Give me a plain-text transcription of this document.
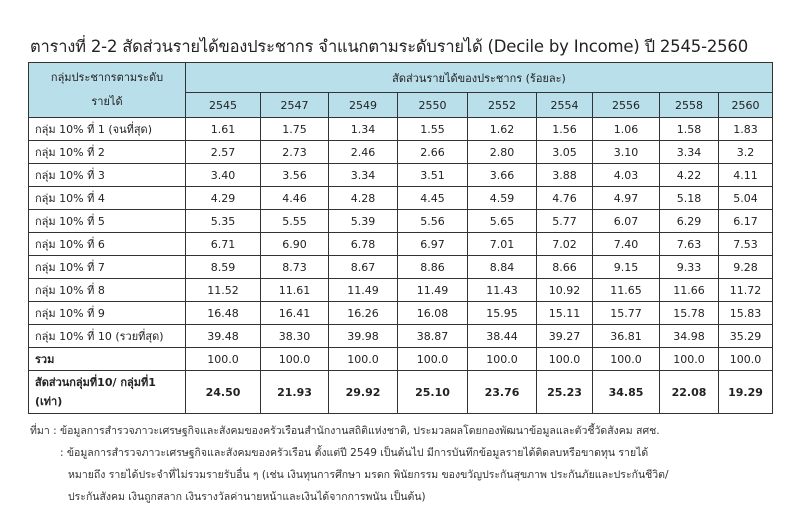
ตารางที่ 2-2 สัดส่วนรายได้ของประชากร จำแนกตามระดับรายได้ (Decile by Income) ปี 2545-2560
กลุ่มประชากรตามระดับรายได้	สัดส่วนรายได้ของประชากร (ร้อยละ)								
	2545	2547	2549	2550	2552	2554	2556	2558	2560
กลุ่ม 10% ที่ 1 (จนที่สุด)	1.61	1.75	1.34	1.55	1.62	1.56	1.06	1.58	1.83
กลุ่ม 10% ที่ 2	2.57	2.73	2.46	2.66	2.80	3.05	3.10	3.34	3.2
กลุ่ม 10% ที่ 3	3.40	3.56	3.34	3.51	3.66	3.88	4.03	4.22	4.11
กลุ่ม 10% ที่ 4	4.29	4.46	4.28	4.45	4.59	4.76	4.97	5.18	5.04
กลุ่ม 10% ที่ 5	5.35	5.55	5.39	5.56	5.65	5.77	6.07	6.29	6.17
กลุ่ม 10% ที่ 6	6.71	6.90	6.78	6.97	7.01	7.02	7.40	7.63	7.53
กลุ่ม 10% ที่ 7	8.59	8.73	8.67	8.86	8.84	8.66	9.15	9.33	9.28
กลุ่ม 10% ที่ 8	11.52	11.61	11.49	11.49	11.43	10.92	11.65	11.66	11.72
กลุ่ม 10% ที่ 9	16.48	16.41	16.26	16.08	15.95	15.11	15.77	15.78	15.83
กลุ่ม 10% ที่ 10 (รวยที่สุด)	39.48	38.30	39.98	38.87	38.44	39.27	36.81	34.98	35.29
รวม	100.0	100.0	100.0	100.0	100.0	100.0	100.0	100.0	100.0
สัดส่วนกลุ่มที่10/ กลุ่มที่1 (เท่า)	24.50	21.93	29.92	25.10	23.76	25.23	34.85	22.08	19.29
ที่มา : ข้อมูลการสำรวจภาวะเศรษฐกิจและสังคมของครัวเรือนสำนักงานสถิติแห่งชาติ, ประมวลผลโดยกองพัฒนาข้อมูลและตัวชี้วัดสังคม สศช.
: ข้อมูลการสำรวจภาวะเศรษฐกิจและสังคมของครัวเรือน ตั้งแต่ปี 2549 เป็นต้นไป มีการบันทึกข้อมูลรายได้ติดลบหรือขาดทุน รายได้
หมายถึง รายได้ประจำที่ไม่รวมรายรับอื่น ๆ (เช่น เงินทุนการศึกษา มรดก พินัยกรรม ของขวัญประกันสุขภาพ ประกันภัยและประกันชีวิต/
ประกันสังคม เงินถูกสลาก เงินรางวัลค่านายหน้าและเงินได้จากการพนัน เป็นต้น)
